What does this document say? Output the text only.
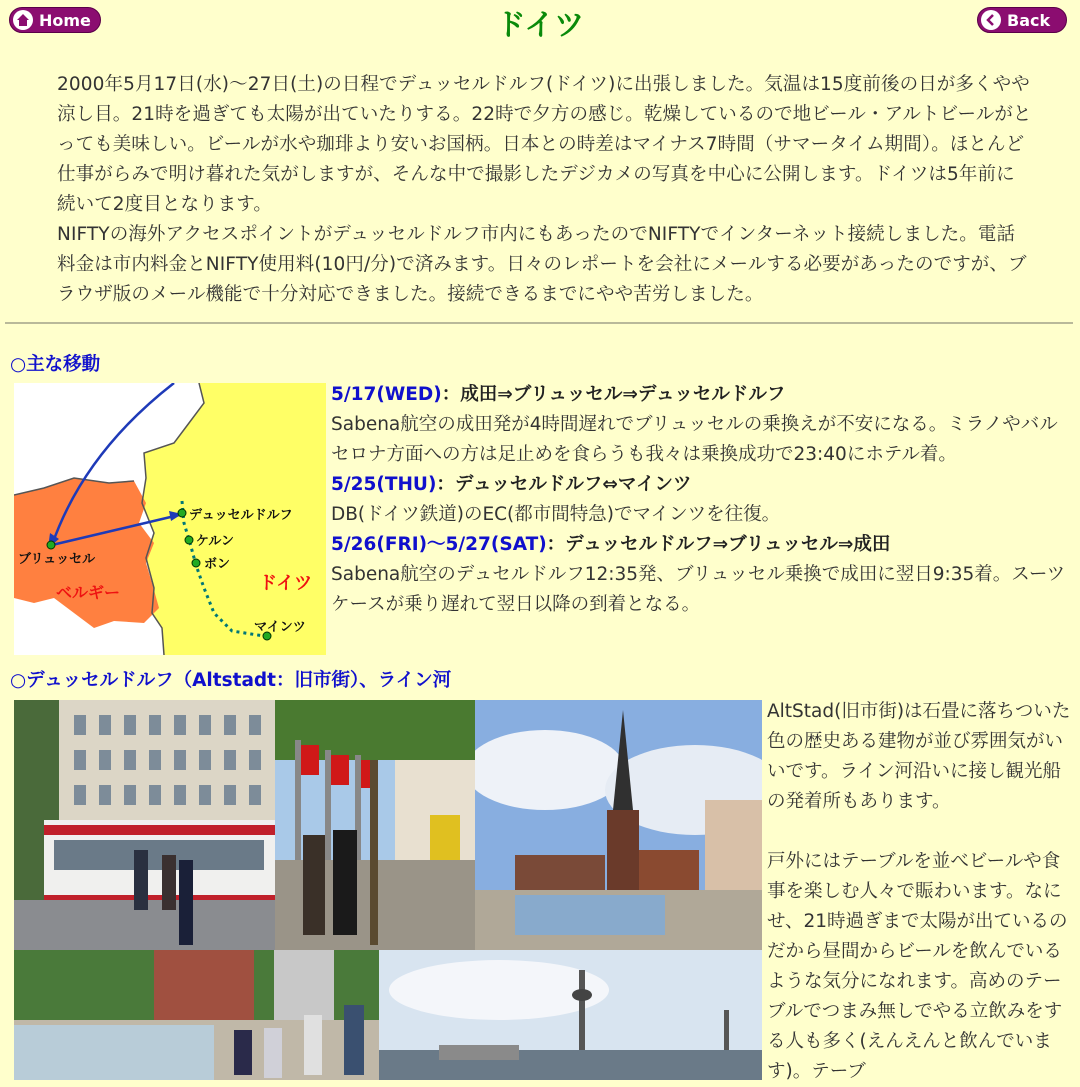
Home	ドイツ	Back

2000年5月17日(水)～27日(土)の日程でデュッセルドルフ(ドイツ)に出張しました。気温は15度前後の日が多くやや涼し目。21時を過ぎても太陽が出ていたりする。22時で夕方の感じ。乾燥しているので地ビール・アルトビールがとっても美味しい。ビールが水や珈琲より安いお国柄。日本との時差はマイナス7時間（サマータイム期間）。ほとんど仕事がらみで明け暮れた気がしますが、そんな中で撮影したデジカメの写真を中心に公開します。ドイツは5年前に続いて2度目となります。

NIFTYの海外アクセスポイントがデュッセルドルフ市内にもあったのでNIFTYでインターネット接続しました。電話料金は市内料金とNIFTY使用料(10円/分)で済みます。日々のレポートを会社にメールする必要があったのですが、ブラウザ版のメール機能で十分対応できました。接続できるまでにやや苦労しました。

○主な移動
デュッセルドルフ
ケルン
ボン
マインツ
ブリュッセル
ベルギー	ドイツ

5/17(WED)：成田⇒ブリュッセル⇒デュッセルドルフ

Sabena航空の成田発が4時間遅れでブリュッセルの乗換えが不安になる。ミラノやバルセロナ方面への方は足止めを食らうも我々は乗換成功で23:40にホテル着。

5/25(THU)：デュッセルドルフ⇔マインツ

DB(ドイツ鉄道)のEC(都市間特急)でマインツを往復。

5/26(FRI)～5/27(SAT)：デュッセルドルフ⇒ブリュッセル⇒成田

Sabena航空のデュセルドルフ12:35発、ブリュッセル乗換で成田に翌日9:35着。スーツケースが乗り遅れて翌日以降の到着となる。

○デュッセルドルフ（Altstadt：旧市街）、ライン河

AltStad(旧市街)は石畳に落ちついた色の歴史ある建物が並び雰囲気がいいです。ライン河沿いに接し観光船の発着所もあります。

戸外にはテーブルを並べビールや食事を楽しむ人々で賑わいます。なにせ、21時過ぎまで太陽が出ているのだから昼間からビールを飲んでいるような気分になれます。高めのテーブルでつまみ無しでやる立飲みをする人も多く(えんえんと飲んでいます)。テーブ
